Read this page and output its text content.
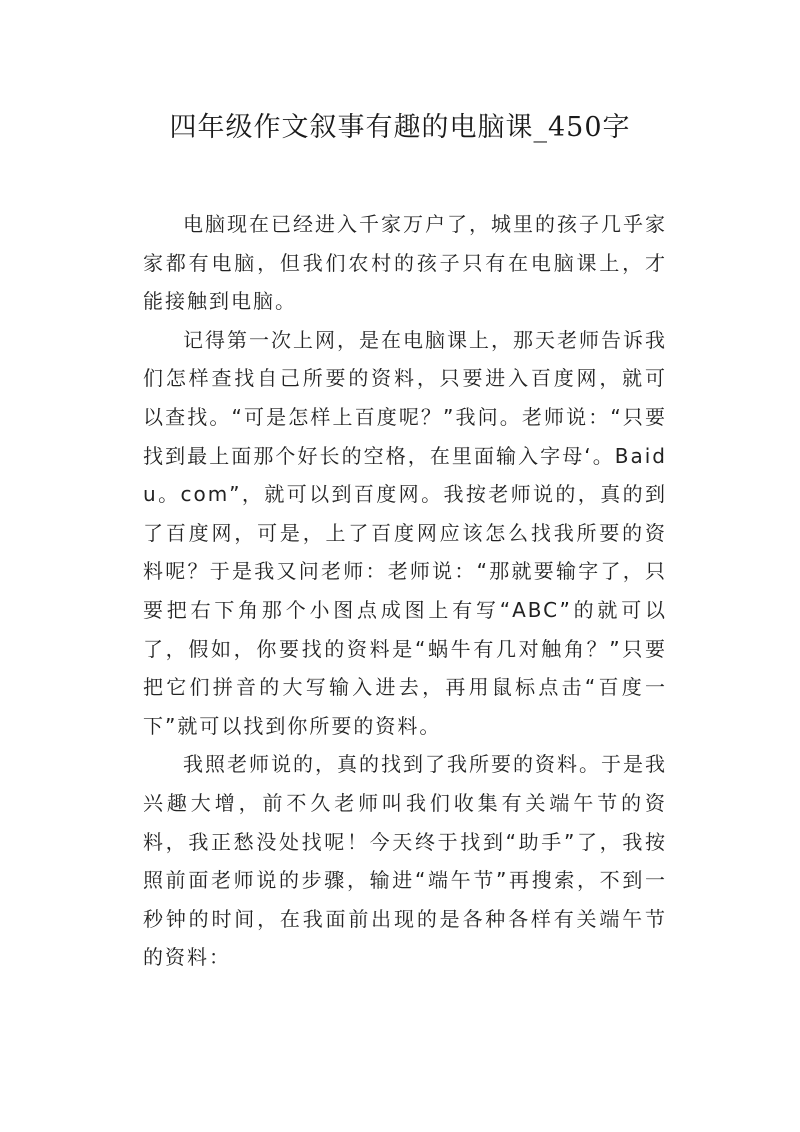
四年级作文叙事有趣的电脑课_450字

电脑现在已经进入千家万户了，城里的孩子几乎家家都有电脑，但我们农村的孩子只有在电脑课上，才能接触到电脑。

记得第一次上网，是在电脑课上，那天老师告诉我们怎样查找自己所要的资料，只要进入百度网，就可以查找。“可是怎样上百度呢？”我问。老师说：“只要找到最上面那个好长的空格，在里面输入字母‘。Baidu。com”，就可以到百度网。我按老师说的，真的到了百度网，可是，上了百度网应该怎么找我所要的资料呢？于是我又问老师：老师说：“那就要输字了，只要把右下角那个小图点成图上有写“ABC”的就可以了，假如，你要找的资料是“蜗牛有几对触角？”只要把它们拼音的大写输入进去，再用鼠标点击“百度一下”就可以找到你所要的资料。

我照老师说的，真的找到了我所要的资料。于是我兴趣大增，前不久老师叫我们收集有关端午节的资料，我正愁没处找呢！今天终于找到“助手”了，我按照前面老师说的步骤，输进“端午节”再搜索，不到一秒钟的时间，在我面前出现的是各种各样有关端午节的资料：
